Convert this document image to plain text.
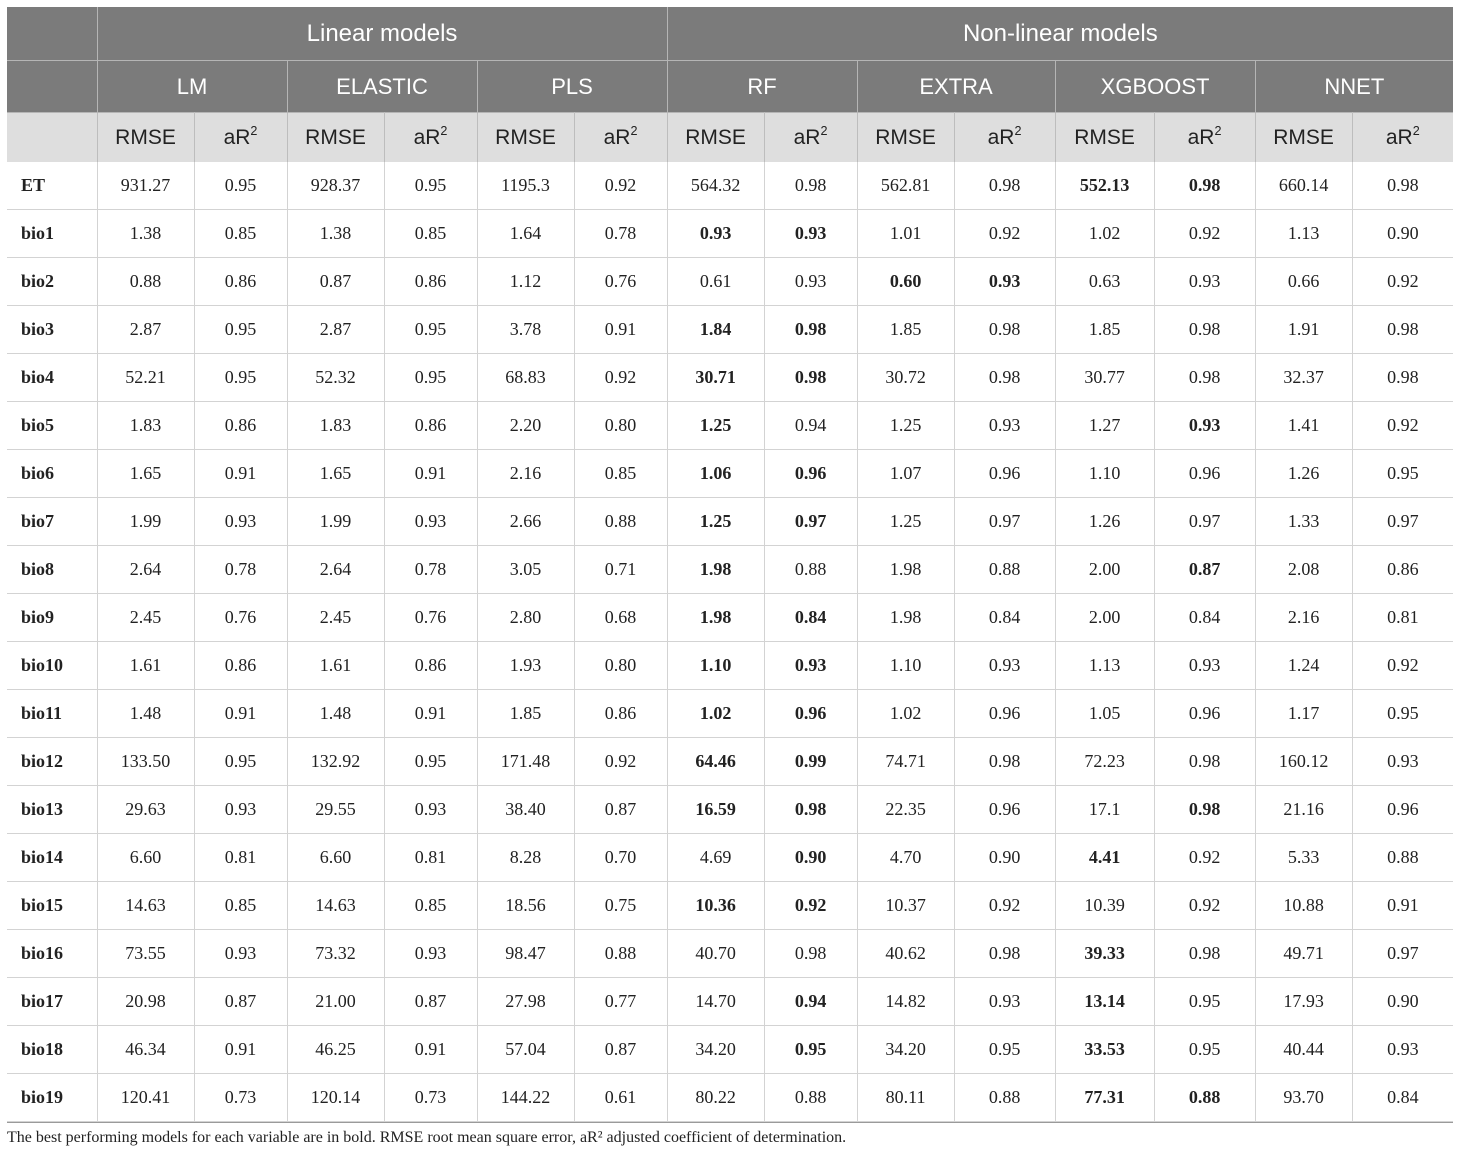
	Linear models						Non-linear models							
	LM		ELASTIC		PLS		RF		EXTRA		XGBOOST		NNET	
	RMSE	$aR^2$	RMSE	$aR^2$	RMSE	$aR^2$	RMSE	$aR^2$	RMSE	$aR^2$	RMSE	$aR^2$	RMSE	$aR^2$
ET	931.27	0.95	928.37	0.95	1195.3	0.92	564.32	0.98	562.81	0.98	552.13	0.98	660.14	0.98
bio1	1.38	0.85	1.38	0.85	1.64	0.78	0.93	0.93	1.01	0.92	1.02	0.92	1.13	0.90
bio2	0.88	0.86	0.87	0.86	1.12	0.76	0.61	0.93	0.60	0.93	0.63	0.93	0.66	0.92
bio3	2.87	0.95	2.87	0.95	3.78	0.91	1.84	0.98	1.85	0.98	1.85	0.98	1.91	0.98
bio4	52.21	0.95	52.32	0.95	68.83	0.92	30.71	0.98	30.72	0.98	30.77	0.98	32.37	0.98
bio5	1.83	0.86	1.83	0.86	2.20	0.80	1.25	0.94	1.25	0.93	1.27	0.93	1.41	0.92
bio6	1.65	0.91	1.65	0.91	2.16	0.85	1.06	0.96	1.07	0.96	1.10	0.96	1.26	0.95
bio7	1.99	0.93	1.99	0.93	2.66	0.88	1.25	0.97	1.25	0.97	1.26	0.97	1.33	0.97
bio8	2.64	0.78	2.64	0.78	3.05	0.71	1.98	0.88	1.98	0.88	2.00	0.87	2.08	0.86
bio9	2.45	0.76	2.45	0.76	2.80	0.68	1.98	0.84	1.98	0.84	2.00	0.84	2.16	0.81
bio10	1.61	0.86	1.61	0.86	1.93	0.80	1.10	0.93	1.10	0.93	1.13	0.93	1.24	0.92
bio11	1.48	0.91	1.48	0.91	1.85	0.86	1.02	0.96	1.02	0.96	1.05	0.96	1.17	0.95
bio12	133.50	0.95	132.92	0.95	171.48	0.92	64.46	0.99	74.71	0.98	72.23	0.98	160.12	0.93
bio13	29.63	0.93	29.55	0.93	38.40	0.87	16.59	0.98	22.35	0.96	17.1	0.98	21.16	0.96
bio14	6.60	0.81	6.60	0.81	8.28	0.70	4.69	0.90	4.70	0.90	4.41	0.92	5.33	0.88
bio15	14.63	0.85	14.63	0.85	18.56	0.75	10.36	0.92	10.37	0.92	10.39	0.92	10.88	0.91
bio16	73.55	0.93	73.32	0.93	98.47	0.88	40.70	0.98	40.62	0.98	39.33	0.98	49.71	0.97
bio17	20.98	0.87	21.00	0.87	27.98	0.77	14.70	0.94	14.82	0.93	13.14	0.95	17.93	0.90
bio18	46.34	0.91	46.25	0.91	57.04	0.87	34.20	0.95	34.20	0.95	33.53	0.95	40.44	0.93
bio19	120.41	0.73	120.14	0.73	144.22	0.61	80.22	0.88	80.11	0.88	77.31	0.88	93.70	0.84

The best performing models for each variable are in bold. RMSE root mean square error, aR² adjusted coefficient of determination.
